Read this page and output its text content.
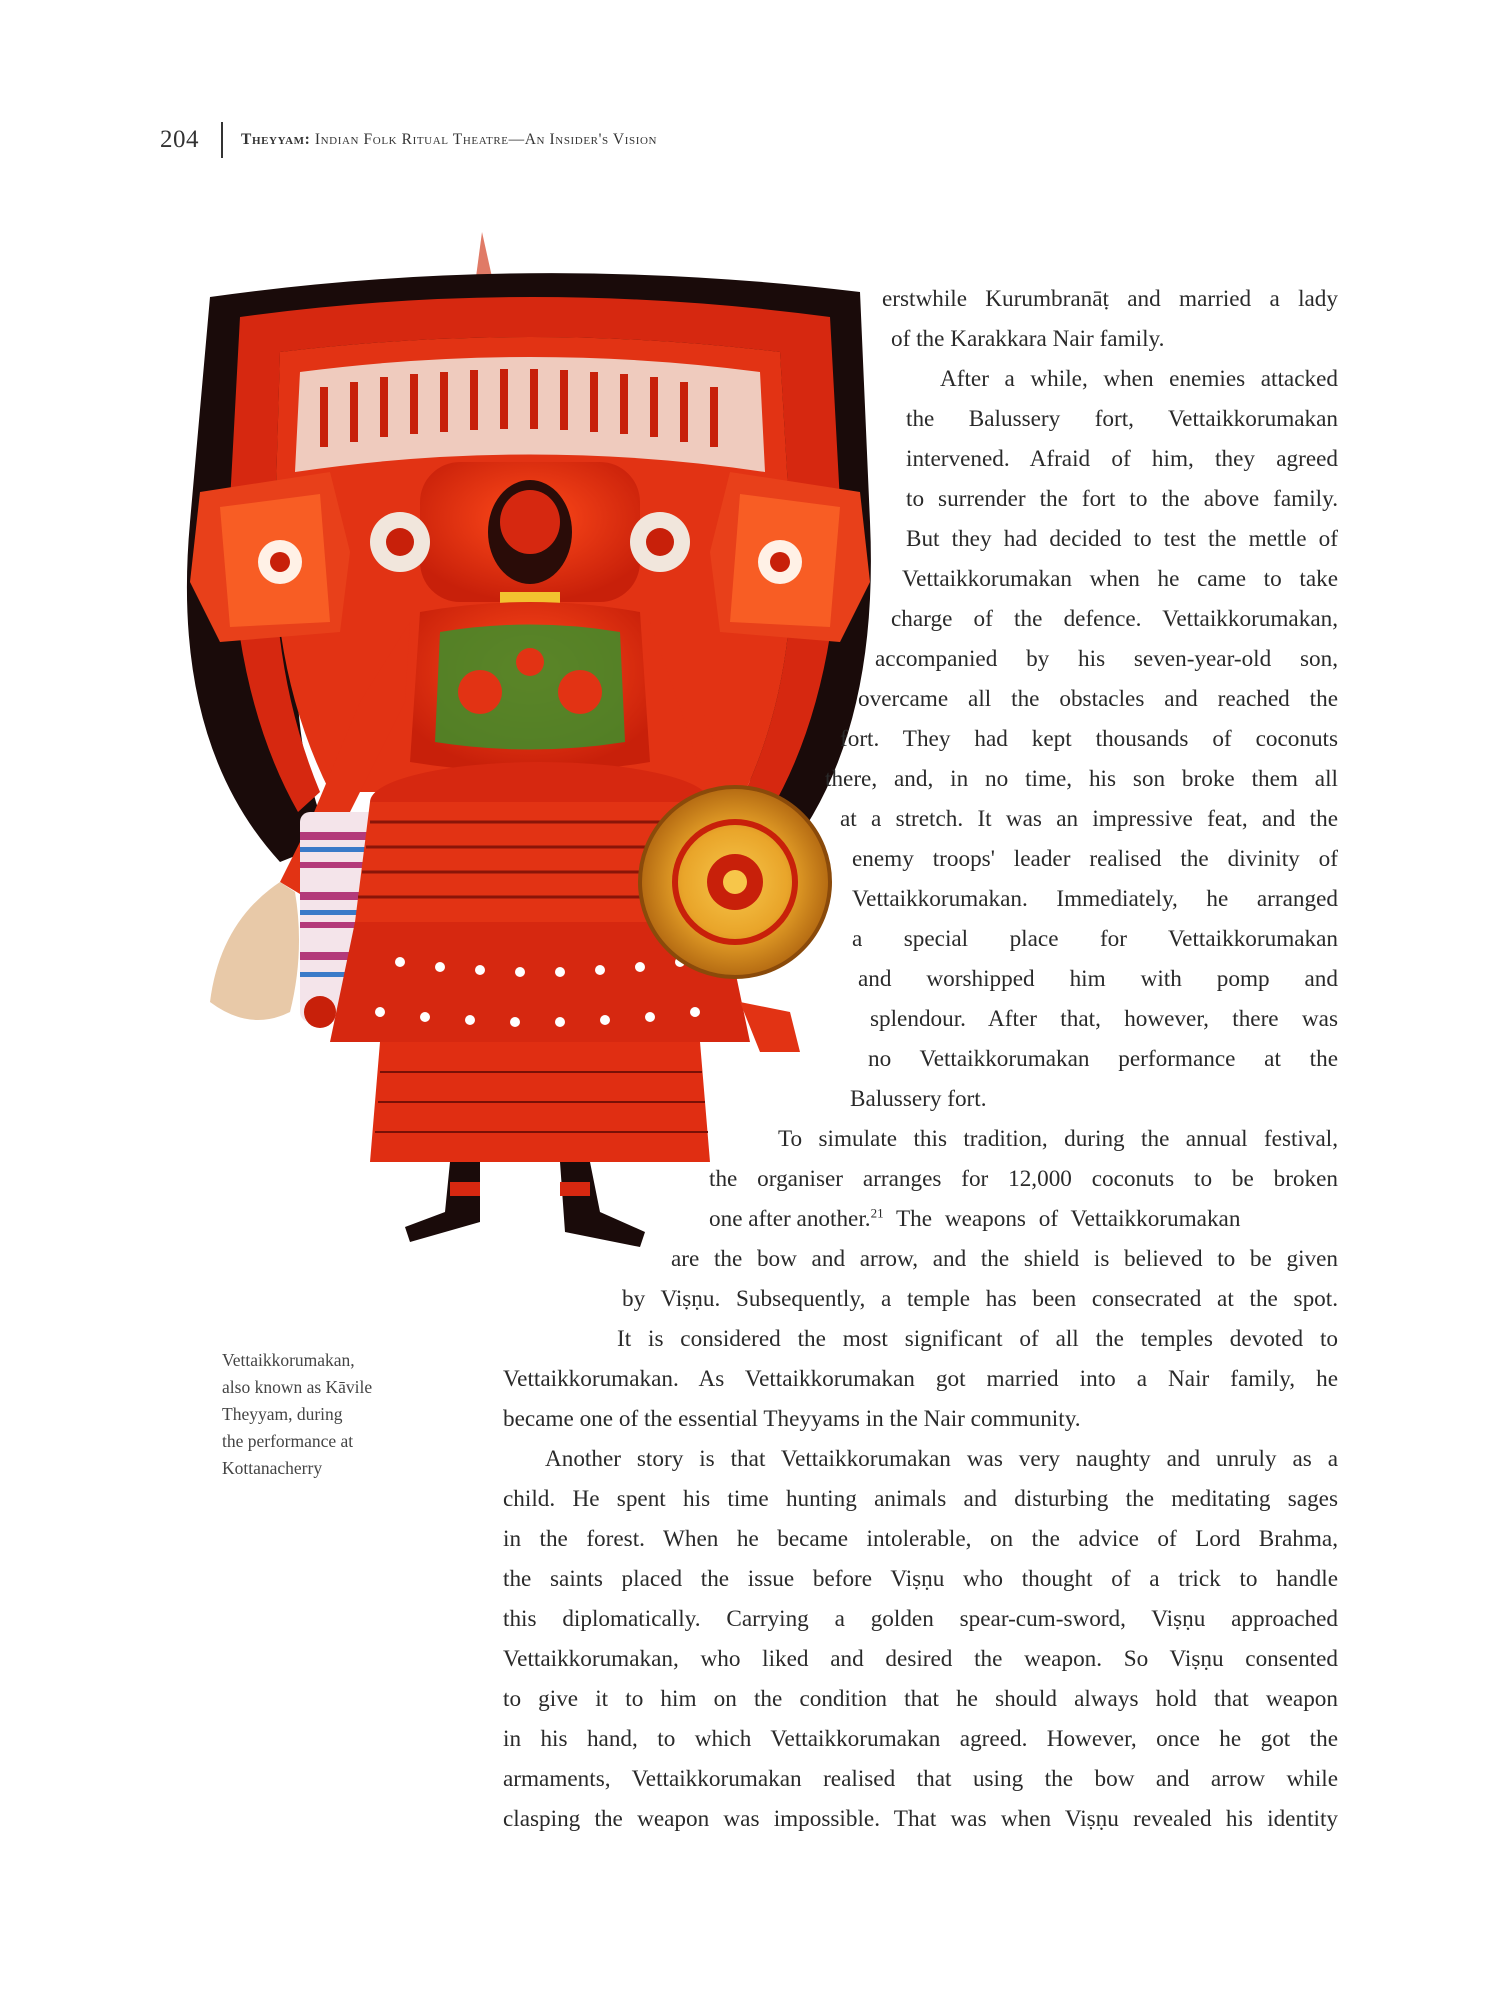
204	Theyyam: Indian Folk Ritual Theatre—An Insider's Vision
Vettaikkorumakan,
also known as Kāvile
Theyyam, during
the performance at
Kottanacherry
erstwhile Kurumbranāṭ and married a lady
of the Karakkara Nair family.
After a while, when enemies attacked
the Balussery fort, Vettaikkorumakan
intervened. Afraid of him, they agreed
to surrender the fort to the above family.
But they had decided to test the mettle of
Vettaikkorumakan when he came to take
charge of the defence. Vettaikkorumakan,
accompanied by his seven-year-old son,
overcame all the obstacles and reached the
fort. They had kept thousands of coconuts
there, and, in no time, his son broke them all
at a stretch. It was an impressive feat, and the
enemy troops' leader realised the divinity of
Vettaikkorumakan. Immediately, he arranged
a special place for Vettaikkorumakan
and worshipped him with pomp and
splendour. After that, however, there was
no Vettaikkorumakan performance at the
Balussery fort.
To simulate this tradition, during the annual festival,
the organiser arranges for 12,000 coconuts to be broken
one after another.$^{21}$ The weapons of Vettaikkorumakan
are the bow and arrow, and the shield is believed to be given
by Viṣṇu. Subsequently, a temple has been consecrated at the spot.
It is considered the most significant of all the temples devoted to
Vettaikkorumakan. As Vettaikkorumakan got married into a Nair family, he
became one of the essential Theyyams in the Nair community.
Another story is that Vettaikkorumakan was very naughty and unruly as a
child. He spent his time hunting animals and disturbing the meditating sages
in the forest. When he became intolerable, on the advice of Lord Brahma,
the saints placed the issue before Viṣṇu who thought of a trick to handle
this diplomatically. Carrying a golden spear-cum-sword, Viṣṇu approached
Vettaikkorumakan, who liked and desired the weapon. So Viṣṇu consented
to give it to him on the condition that he should always hold that weapon
in his hand, to which Vettaikkorumakan agreed. However, once he got the
armaments, Vettaikkorumakan realised that using the bow and arrow while
clasping the weapon was impossible. That was when Viṣṇu revealed his identity
